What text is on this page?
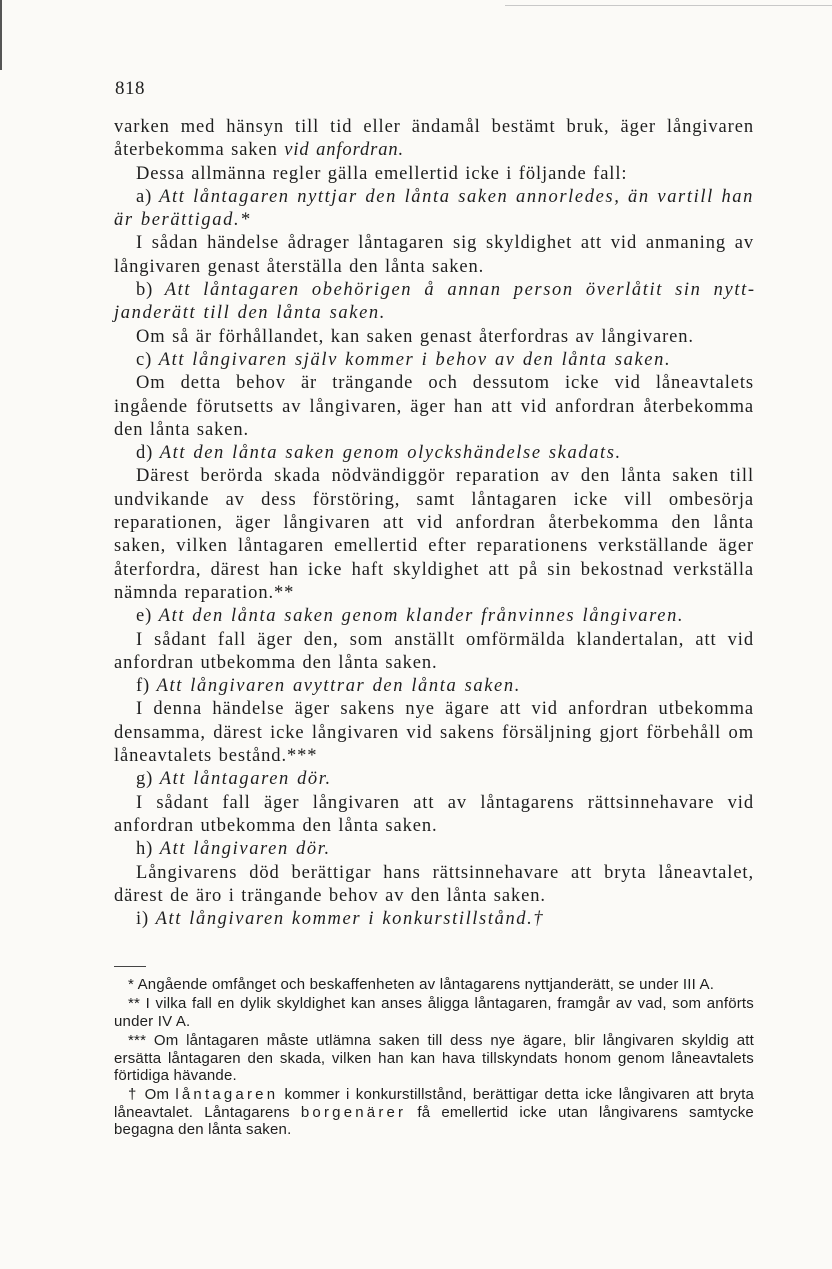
818

varken med hänsyn till tid eller ändamål bestämt bruk, äger långivaren återbekomma saken vid anfordran.

Dessa allmänna regler gälla emellertid icke i följande fall:

a) Att låntagaren nyttjar den lånta saken annorledes, än vartill han är berättigad.*

I sådan händelse ådrager låntagaren sig skyldighet att vid anmaning av långivaren genast återställa den lånta saken.

b) Att låntagaren obehörigen å annan person överlåtit sin nyttjanderätt till den lånta saken.

Om så är förhållandet, kan saken genast återfordras av långivaren.

c) Att långivaren själv kommer i behov av den lånta saken.

Om detta behov är trängande och dessutom icke vid låneavtalets ingående förutsetts av långivaren, äger han att vid anfordran återbekomma den lånta saken.

d) Att den lånta saken genom olyckshändelse skadats.

Därest berörda skada nödvändiggör reparation av den lånta saken till undvikande av dess förstöring, samt låntagaren icke vill ombesörja reparationen, äger långivaren att vid anfordran återbekomma den lånta saken, vilken låntagaren emellertid efter reparationens verkställande äger återfordra, därest han icke haft skyldighet att på sin bekostnad verkställa nämnda reparation.**

e) Att den lånta saken genom klander frånvinnes långivaren.

I sådant fall äger den, som anställt omförmälda klandertalan, att vid anfordran utbekomma den lånta saken.

f) Att långivaren avyttrar den lånta saken.

I denna händelse äger sakens nye ägare att vid anfordran utbekomma densamma, därest icke långivaren vid sakens försäljning gjort förbehåll om låneavtalets bestånd.***

g) Att låntagaren dör.

I sådant fall äger långivaren att av låntagarens rättsinnehavare vid anfordran utbekomma den lånta saken.

h) Att långivaren dör.

Långivarens död berättigar hans rättsinnehavare att bryta låneavtalet, därest de äro i trängande behov av den lånta saken.

i) Att långivaren kommer i konkurstillstånd.†

* Angående omfånget och beskaffenheten av låntagarens nyttjanderätt, se under III A.

** I vilka fall en dylik skyldighet kan anses åligga låntagaren, framgår av vad, som anförts under IV A.

*** Om låntagaren måste utlämna saken till dess nye ägare, blir långivaren skyldig att ersätta låntagaren den skada, vilken han kan hava tillskyndats honom genom låneavtalets förtidiga hävande.

† Om låntagaren kommer i konkurstillstånd, berättigar detta icke långivaren att bryta låneavtalet. Låntagarens borgenärer få emellertid icke utan långivarens samtycke begagna den lånta saken.
